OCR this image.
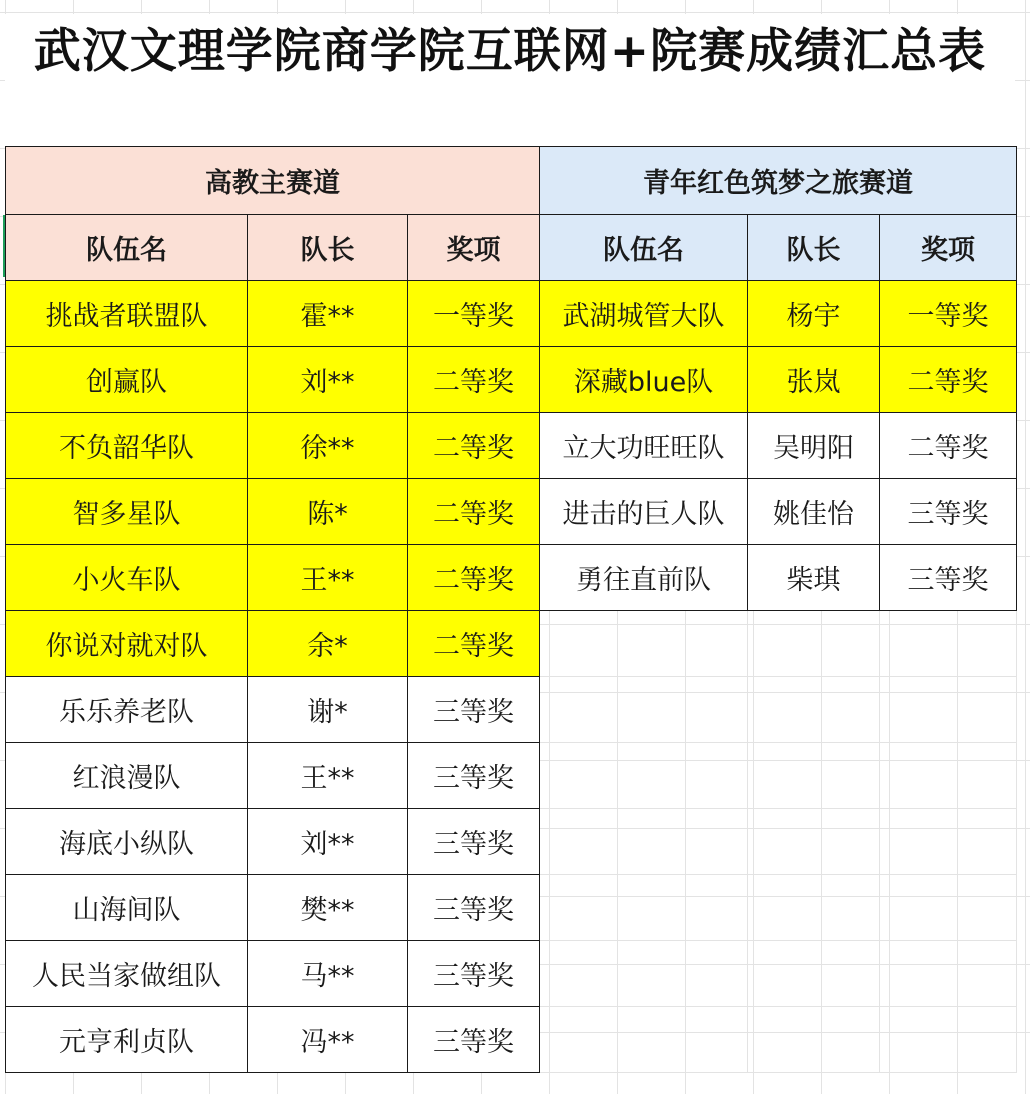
武汉文理学院商学院互联网+院赛成绩汇总表
高教主赛道			青年红色筑梦之旅赛道		
队伍名	队长	奖项	队伍名	队长	奖项
挑战者联盟队	霍**	一等奖	武湖城管大队	杨宇	一等奖
创赢队	刘**	二等奖	深藏blue队	张岚	二等奖
不负韶华队	徐**	二等奖	立大功旺旺队	吴明阳	二等奖
智多星队	陈*	二等奖	进击的巨人队	姚佳怡	三等奖
小火车队	王**	二等奖	勇往直前队	柴琪	三等奖
你说对就对队	余*	二等奖			
乐乐养老队	谢*	三等奖			
红浪漫队	王**	三等奖			
海底小纵队	刘**	三等奖			
山海间队	樊**	三等奖			
人民当家做组队	马**	三等奖			
元亨利贞队	冯**	三等奖			
